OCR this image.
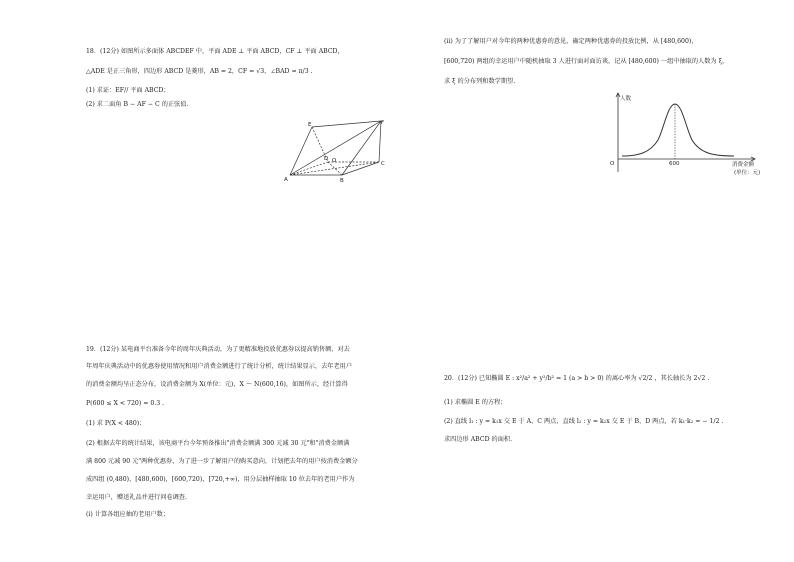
18．(12分) 如图所示多面体 ABCDEF 中，平面 ADE ⊥ 平面 ABCD，CF ⊥ 平面 ABCD，
△ADE 是正三角形，四边形 ABCD 是菱形，AB = 2，CF = √3，∠BAD = π/3 .
(1) 求证：EF// 平面 ABCD；
(2) 求二面角 B − AF − C 的正弦值.
E	F
D O	C
A	B
19．(12分) 某电商平台准备今年的周年庆典活动，为了更精准地投放优惠券以提高销售额，对去
年周年庆典活动中的优惠券使用情况和用户消费金额进行了统计分析，统计结果显示，去年老用户
的消费金额均呈正态分布，设消费金额为 X(单位：元)，X ～ N(600,16)，如图所示，经计算得
P(600 ≤ X < 720) = 0.3 .
(1) 求 P(X < 480)；
(2) 根据去年的统计结果，该电商平台今年预备推出"消费金额满 300 元减 30 元"和"消费金额满
满 800 元减 90 元"两种优惠券，为了进一步了解用户的购买意向，计划把去年的用户按消费金额分
成四组 (0,480)，[480,600)，[600,720)，[720,+∞)，用分层抽样抽取 10 位去年的老用户作为
幸运用户，赠送礼品并进行问卷调查.
(i) 计算各组应抽的老用户数；
(ii) 为了了解用户对今年的两种优惠券的意见，确定两种优惠券的投放比例，从 [480,600)，
[600,720) 两组的幸运用户中随机抽取 3 人进行面对面访谈，记从 [480,600) 一组中抽取的人数为 ξ，
求 ξ 的分布列和数学期望.
人数
O	600	消费金额
(单位：元)
20．(12分) 已知椭圆 E : x²/a² + y²/b² = 1 (a > b > 0) 的离心率为 √2/2 ，其长轴长为 2√2 .
(1) 求椭圆 E 的方程；
(2) 直线 l₁ : y = k₁x 交 E 于 A、C 两点，直线 l₂ : y = k₂x 交 E 于 B、D 两点，若 k₁·k₂ = − 1/2 .
求四边形 ABCD 的面积.
